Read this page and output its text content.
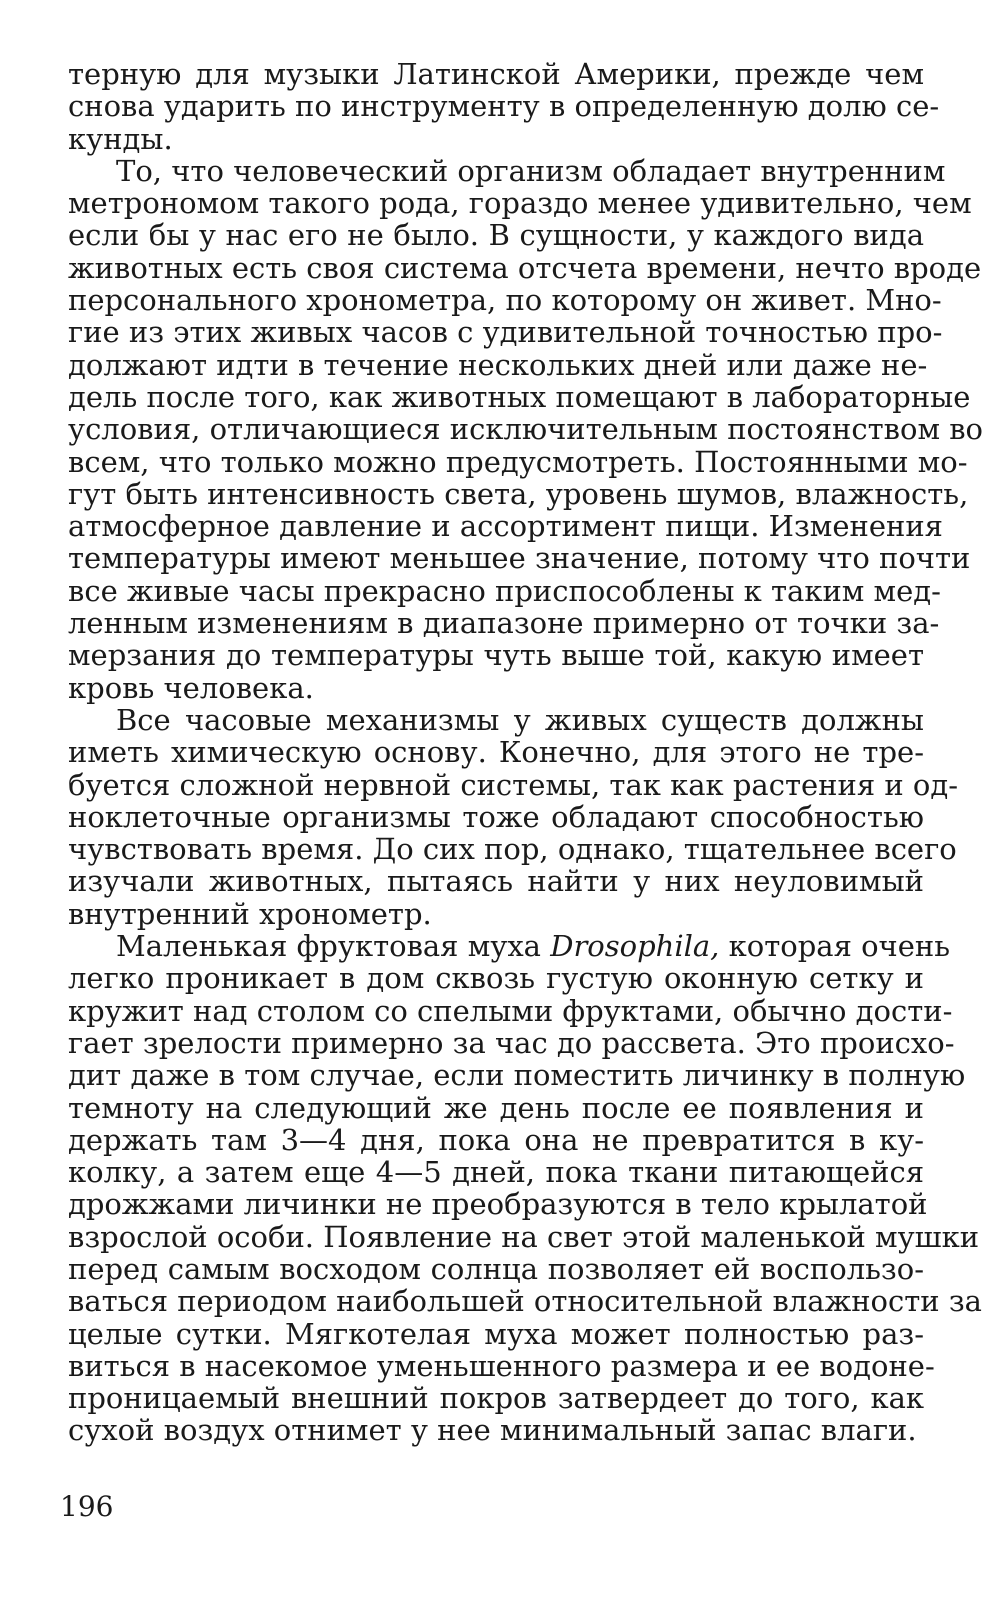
терную для музыки Латинской Америки, прежде чем
снова ударить по инструменту в определенную долю се-
кунды.

То, что человеческий организм обладает внутренним
метрономом такого рода, гораздо менее удивительно, чем
если бы у нас его не было. В сущности, у каждого вида
животных есть своя система отсчета времени, нечто вроде
персонального хронометра, по которому он живет. Мно-
гие из этих живых часов с удивительной точностью про-
должают идти в течение нескольких дней или даже не-
дель после того, как животных помещают в лабораторные
условия, отличающиеся исключительным постоянством во
всем, что только можно предусмотреть. Постоянными мо-
гут быть интенсивность света, уровень шумов, влажность,
атмосферное давление и ассортимент пищи. Изменения
температуры имеют меньшее значение, потому что почти
все живые часы прекрасно приспособлены к таким мед-
ленным изменениям в диапазоне примерно от точки за-
мерзания до температуры чуть выше той, какую имеет
кровь человека.

Все часовые механизмы у живых существ должны
иметь химическую основу. Конечно, для этого не тре-
буется сложной нервной системы, так как растения и од-
ноклеточные организмы тоже обладают способностью
чувствовать время. До сих пор, однако, тщательнее всего
изучали животных, пытаясь найти у них неуловимый
внутренний хронометр.

Маленькая фруктовая муха Drosophila, которая очень
легко проникает в дом сквозь густую оконную сетку и
кружит над столом со спелыми фруктами, обычно дости-
гает зрелости примерно за час до рассвета. Это происхо-
дит даже в том случае, если поместить личинку в полную
темноту на следующий же день после ее появления и
держать там 3—4 дня, пока она не превратится в ку-
колку, а затем еще 4—5 дней, пока ткани питающейся
дрожжами личинки не преобразуются в тело крылатой
взрослой особи. Появление на свет этой маленькой мушки
перед самым восходом солнца позволяет ей воспользо-
ваться периодом наибольшей относительной влажности за
целые сутки. Мягкотелая муха может полностью раз-
виться в насекомое уменьшенного размера и ее водоне-
проницаемый внешний покров затвердеет до того, как
сухой воздух отнимет у нее минимальный запас влаги.

196
